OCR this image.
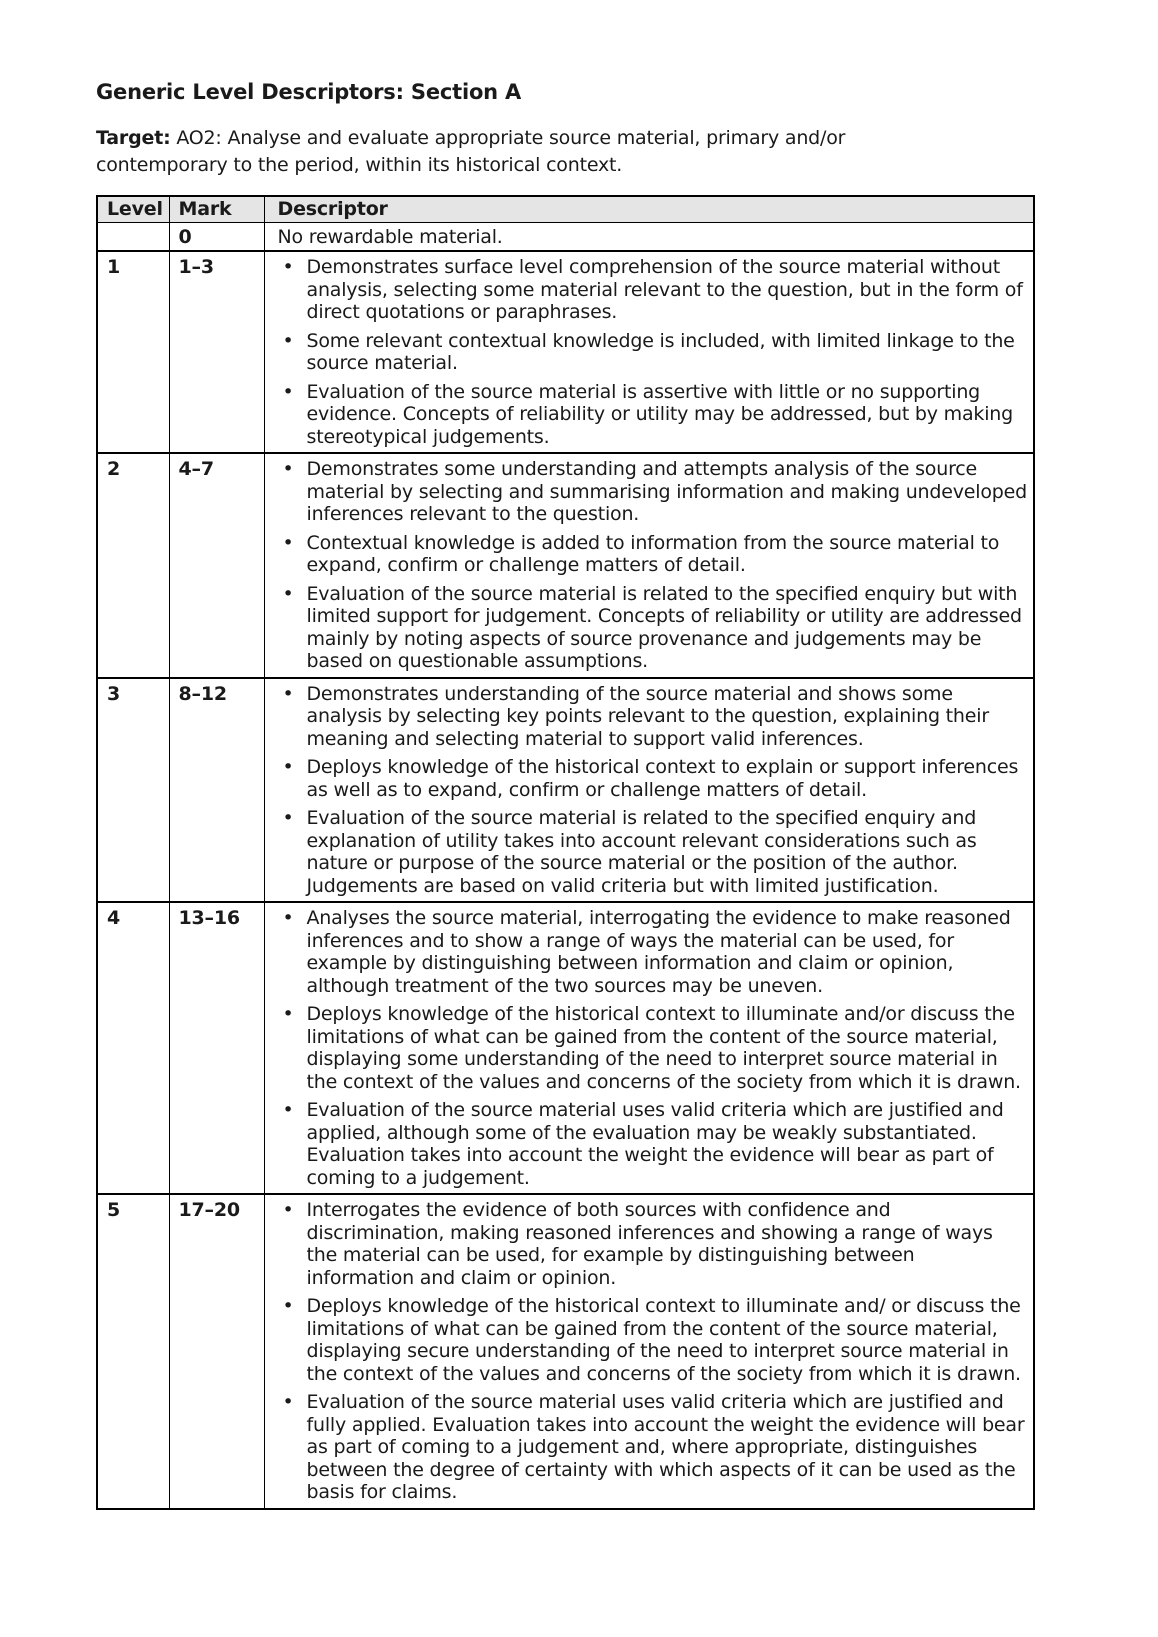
Generic Level Descriptors: Section A

Target: AO2: Analyse and evaluate appropriate source material, primary and/or contemporary to the period, within its historical context.

Level	Mark	Descriptor
	0	No rewardable material.
1	1–3	
•Demonstrates surface level comprehension of the source material without analysis, selecting some material relevant to the question, but in the form of direct quotations or paraphrases.
• Some relevant contextual knowledge is included, with limited linkage to the source material.
• Evaluation of the source material is assertive with little or no supporting evidence. Concepts of reliability or utility may be addressed, but by making stereotypical judgements.

2	4–7	
•Demonstrates some understanding and attempts analysis of the source material by selecting and summarising information and making undeveloped inferences relevant to the question.
• Contextual knowledge is added to information from the source material to expand, confirm or challenge matters of detail.
• Evaluation of the source material is related to the specified enquiry but with limited support for judgement. Concepts of reliability or utility are addressed mainly by noting aspects of source provenance and judgements may be based on questionable assumptions.

3	8–12	
•Demonstrates understanding of the source material and shows some analysis by selecting key points relevant to the question, explaining their meaning and selecting material to support valid inferences.
• Deploys knowledge of the historical context to explain or support inferences as well as to expand, confirm or challenge matters of detail.
• Evaluation of the source material is related to the specified enquiry and explanation of utility takes into account relevant considerations such as nature or purpose of the source material or the position of the author. Judgements are based on valid criteria but with limited justification.

4	13–16	
•Analyses the source material, interrogating the evidence to make reasoned inferences and to show a range of ways the material can be used, for example by distinguishing between information and claim or opinion, although treatment of the two sources may be uneven.
• Deploys knowledge of the historical context to illuminate and/or discuss the limitations of what can be gained from the content of the source material, displaying some understanding of the need to interpret source material in the context of the values and concerns of the society from which it is drawn.
• Evaluation of the source material uses valid criteria which are justified and applied, although some of the evaluation may be weakly substantiated. Evaluation takes into account the weight the evidence will bear as part of coming to a judgement.

5	17–20	
•Interrogates the evidence of both sources with confidence and discrimination, making reasoned inferences and showing a range of ways the material can be used, for example by distinguishing between information and claim or opinion.
• Deploys knowledge of the historical context to illuminate and/ or discuss the limitations of what can be gained from the content of the source material, displaying secure understanding of the need to interpret source material in the context of the values and concerns of the society from which it is drawn.
• Evaluation of the source material uses valid criteria which are justified and fully applied. Evaluation takes into account the weight the evidence will bear as part of coming to a judgement and, where appropriate, distinguishes between the degree of certainty with which aspects of it can be used as the basis for claims.
